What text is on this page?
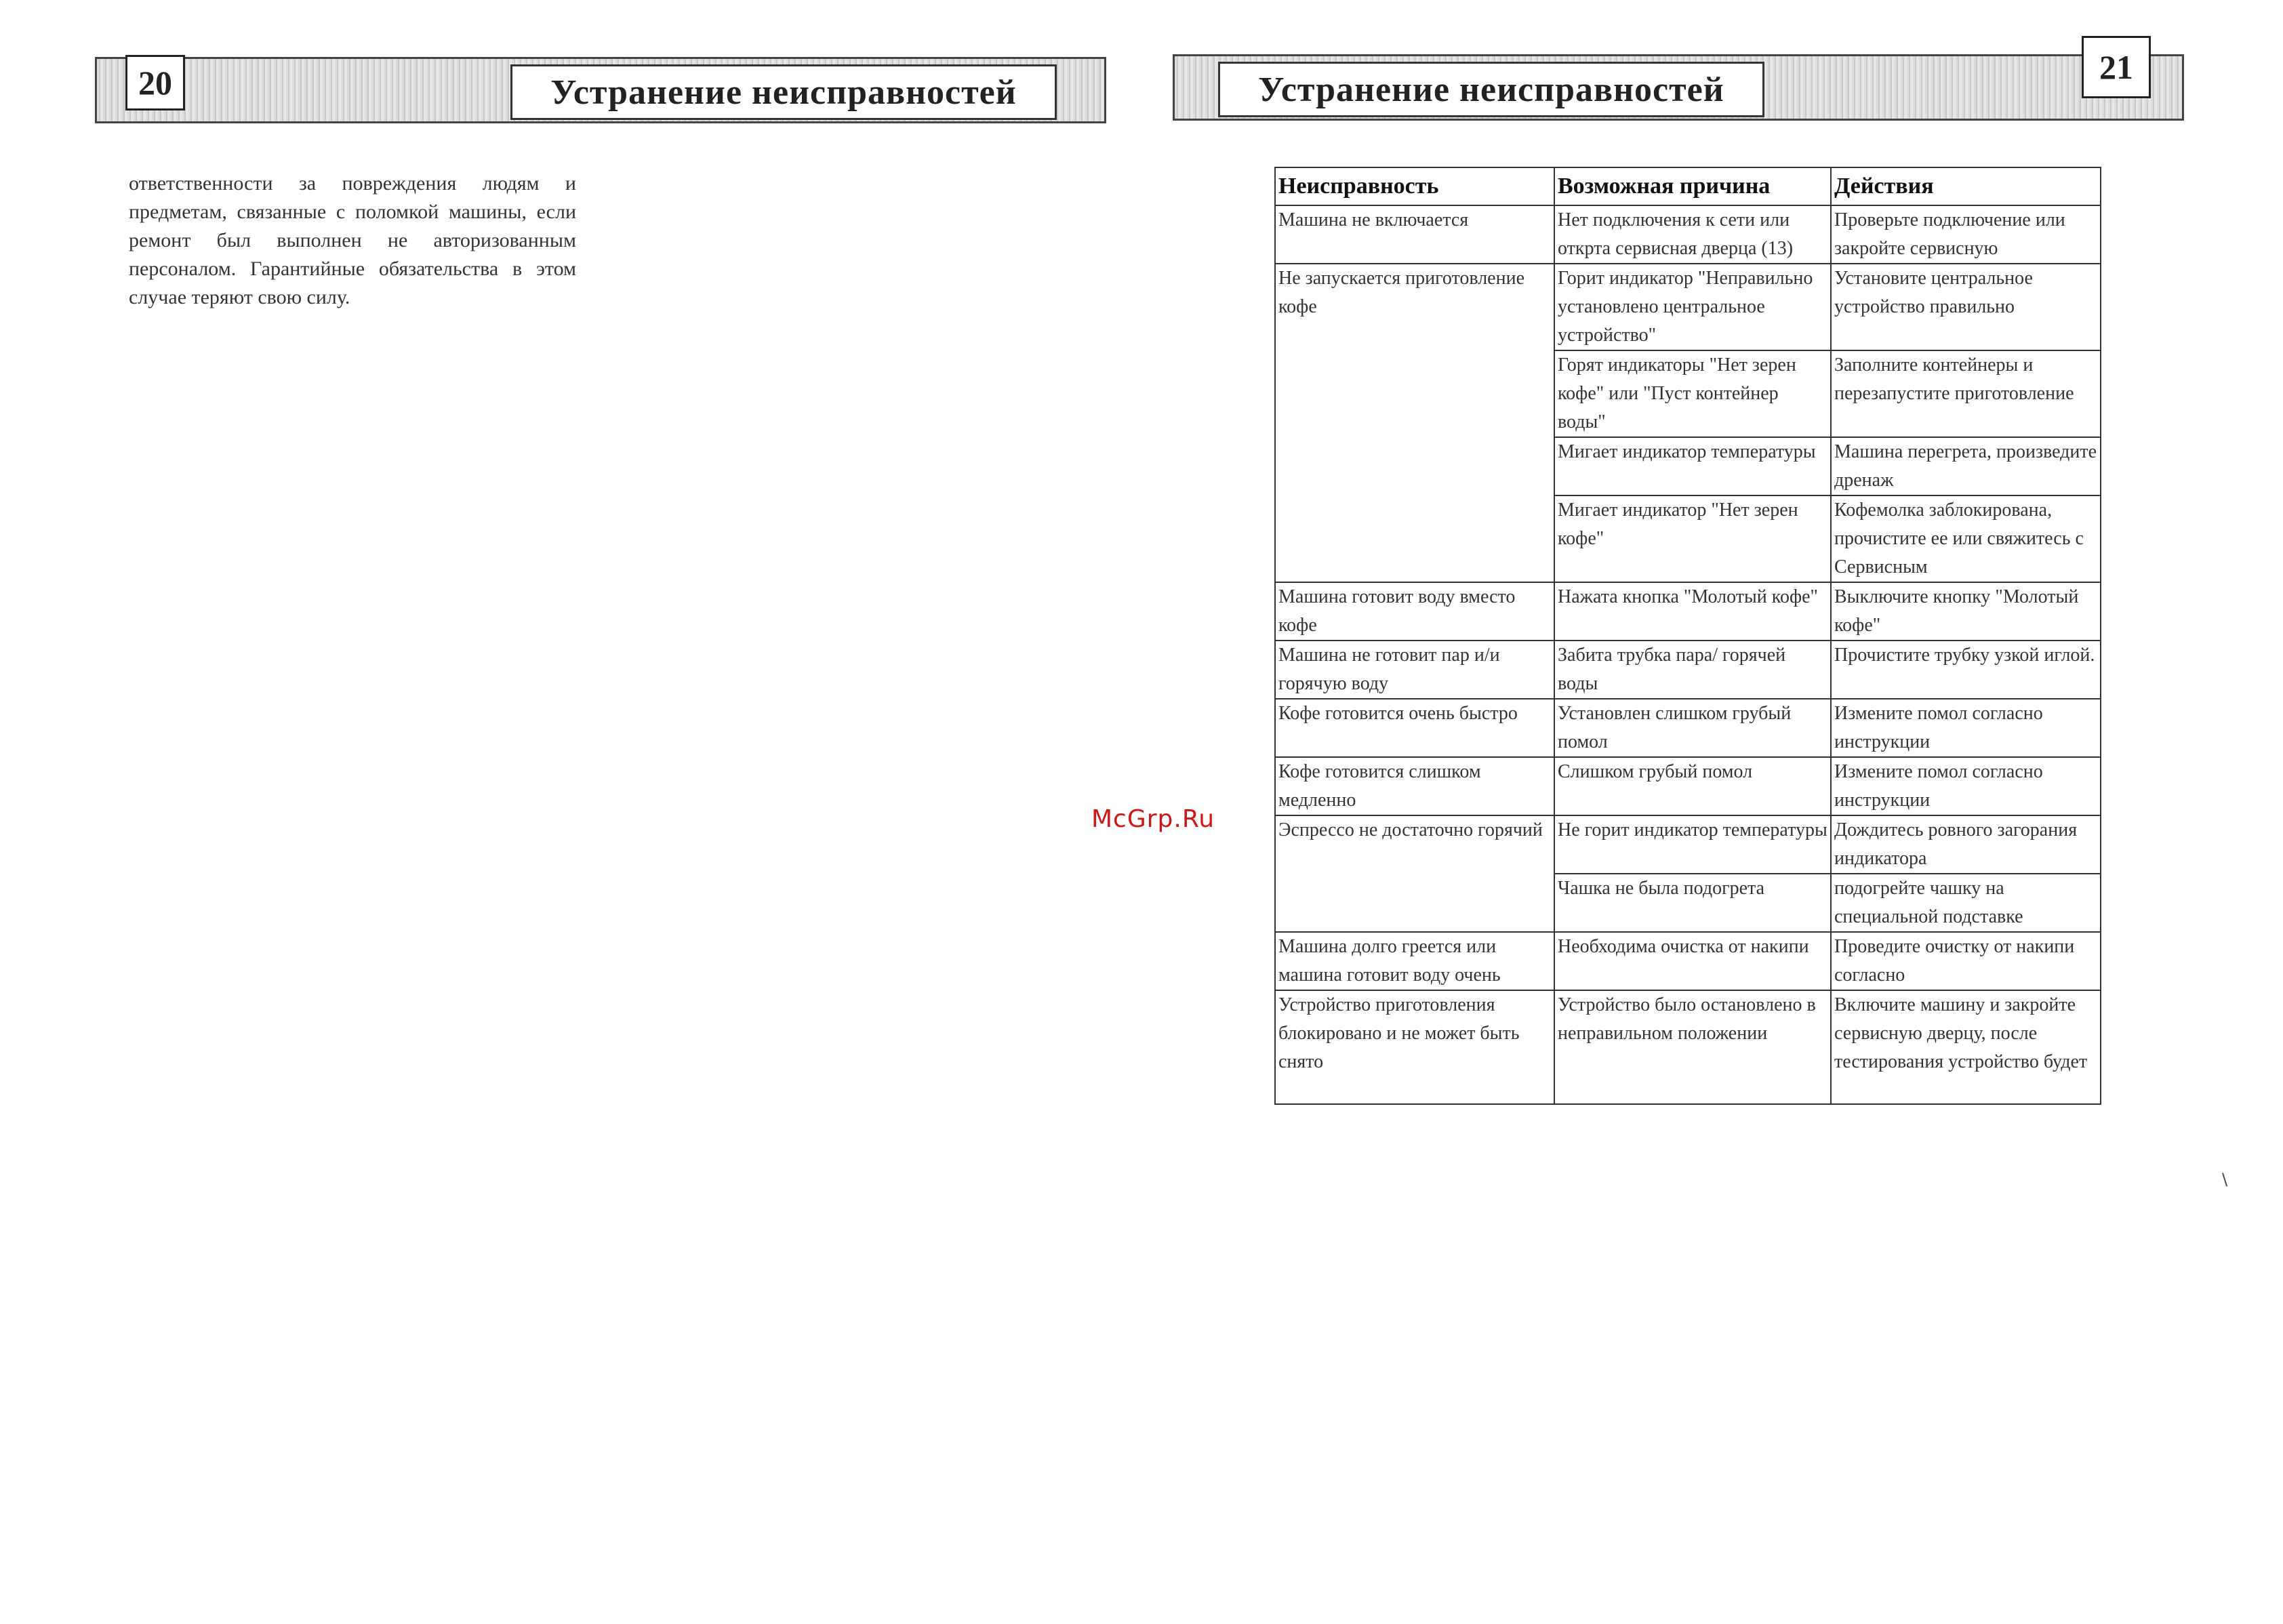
20	Устранение неисправностей
ответственности за повреждения людям и предметам, связанные с поломкой машины, если ремонт был выполнен не авторизованным персоналом. Гарантийные обязательства в этом случае теряют свою силу.
Устранение неисправностей
21
McGrp.Ru
\
Неисправность	Возможная причина	Действия
Машина не включается	Нет подключения к сети или открта сервисная дверца (13)	Проверьте подключение или закройте сервисную
Не запускается приготовление кофе	Горит индикатор "Неправильно установлено центральное устройство"	Установите центральное устройство правильно
	Горят индикаторы "Нет зерен кофе" или "Пуст контейнер воды"	Заполните контейнеры и перезапустите приготовление
	Мигает индикатор температуры	Машина перегрета, произведите дренаж
	Мигает индикатор "Нет зерен кофе"	Кофемолка заблокирована, прочистите ее или свяжитесь с Сервисным
Машина готовит воду вместо кофе	Нажата кнопка "Молотый кофе"	Выключите кнопку "Молотый кофе"
Машина не готовит пар и/и горячую воду	Забита трубка пара/ горячей воды	Прочистите трубку узкой иглой.
Кофе готовится очень быстро	Установлен слишком грубый помол	Измените помол согласно инструкции
Кофе готовится слишком медленно	Слишком грубый помол	Измените помол согласно инструкции
Эспрессо не достаточно горячий	Не горит индикатор температуры	Дождитесь ровного загорания индикатора
	Чашка не была подогрета	подогрейте чашку на специальной подставке
Машина долго греется или машина готовит воду очень	Необходима очистка от накипи	Проведите очистку от накипи согласно
Устройство приготовления блокировано и не может быть снято	Устройство было остановлено в неправильном положении	Включите машину и закройте сервисную дверцу, после тестирования устройство будет
